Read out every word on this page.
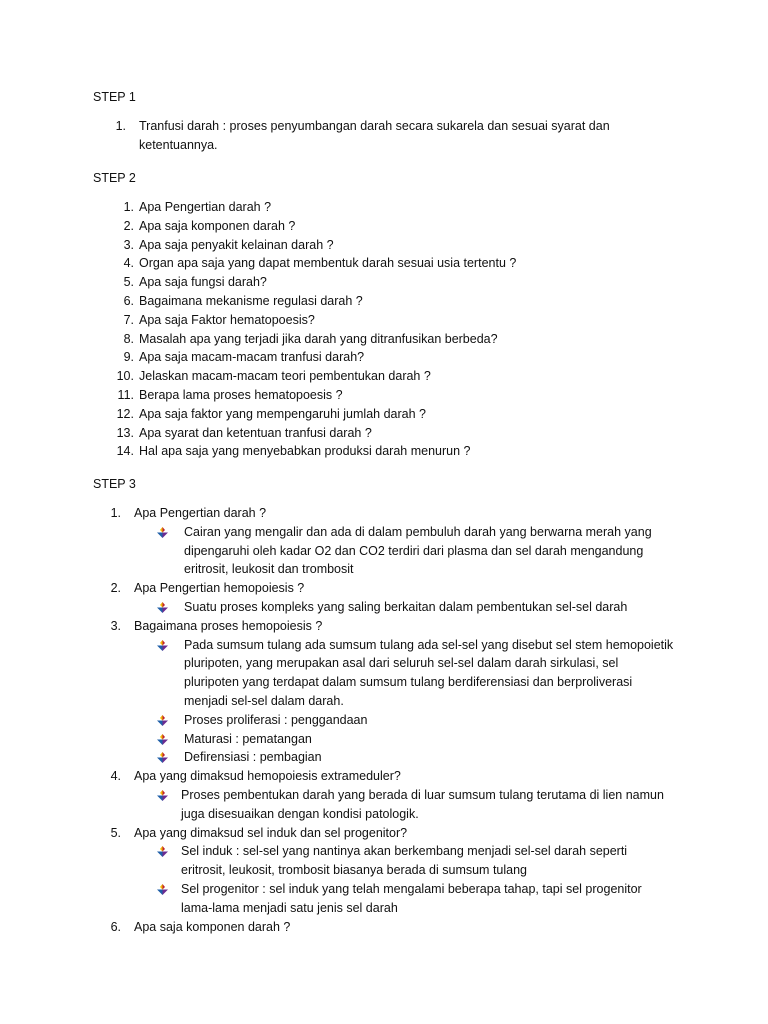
STEP 1
1. Tranfusi darah : proses penyumbangan darah secara sukarela dan sesuai syarat dan ketentuannya.
STEP 2
1. Apa Pengertian darah ?
2. Apa saja komponen darah ?
3. Apa saja penyakit kelainan darah ?
4. Organ apa saja yang dapat membentuk darah sesuai usia tertentu ?
5. Apa saja fungsi darah?
6. Bagaimana mekanisme regulasi darah ?
7. Apa saja Faktor hematopoesis?
8. Masalah apa yang terjadi jika darah yang ditranfusikan berbeda?
9. Apa saja macam-macam tranfusi darah?
10. Jelaskan macam-macam teori pembentukan darah ?
11. Berapa lama proses hematopoesis ?
12. Apa saja faktor yang mempengaruhi jumlah darah ?
13. Apa syarat dan ketentuan tranfusi darah ?
14. Hal apa saja yang menyebabkan produksi darah menurun ?
STEP 3
1. Apa Pengertian darah ?
Cairan yang mengalir dan ada di dalam pembuluh darah yang berwarna merah yang dipengaruhi oleh kadar O2 dan CO2 terdiri dari plasma dan sel darah mengandung eritrosit, leukosit dan trombosit
2. Apa Pengertian hemopoiesis ?
Suatu proses kompleks yang saling berkaitan dalam pembentukan sel-sel darah
3. Bagaimana proses hemopoiesis ?
Pada sumsum tulang ada sumsum tulang ada sel-sel yang disebut sel stem hemopoietik pluripoten, yang merupakan asal dari seluruh sel-sel dalam darah sirkulasi, sel pluripoten yang terdapat dalam sumsum tulang berdiferensiasi dan berproliverasi menjadi sel-sel dalam darah.
Proses proliferasi : penggandaan
Maturasi : pematangan
Defirensiasi : pembagian
4. Apa yang dimaksud hemopoiesis extrameduler?
Proses pembentukan darah yang berada di luar sumsum tulang terutama di lien namun juga disesuaikan dengan kondisi patologik.
5. Apa yang dimaksud sel induk dan sel progenitor?
Sel induk : sel-sel yang nantinya akan berkembang menjadi sel-sel darah seperti eritrosit, leukosit, trombosit biasanya berada di sumsum tulang
Sel progenitor : sel induk yang telah mengalami beberapa tahap, tapi sel progenitor lama-lama menjadi satu jenis sel darah
6. Apa saja komponen darah ?
